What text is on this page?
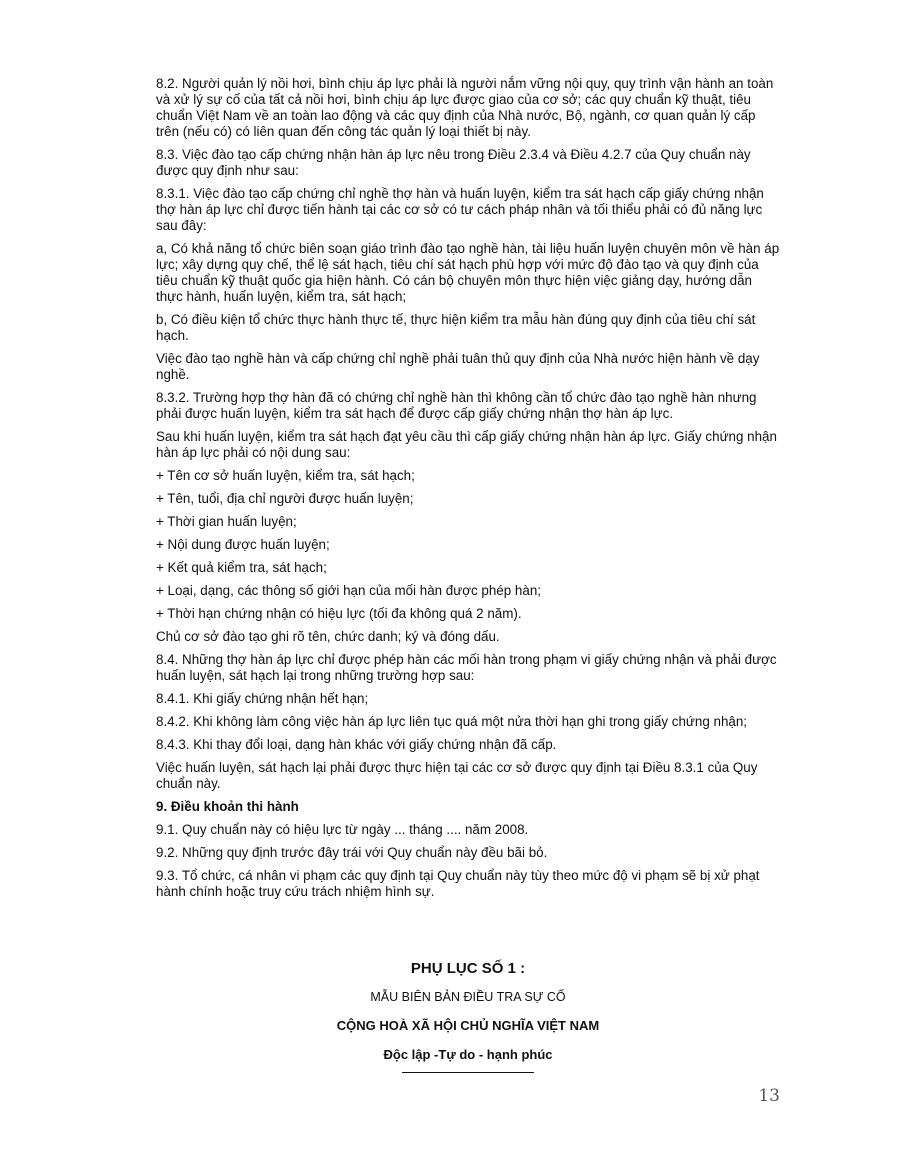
8.2. Người quản lý nồi hơi, bình chịu áp lực phải là người nắm vững nội quy, quy trình vận hành an toàn và xử lý sự cố của tất cả nồi hơi, bình chịu áp lực được giao của cơ sở; các quy chuẩn kỹ thuật, tiêu chuẩn Việt Nam về an toàn lao động và các quy định của Nhà nước, Bộ, ngành, cơ quan quản lý cấp trên (nếu có) có liên quan đến công tác quản lý loại thiết bị này.

8.3. Việc đào tạo cấp chứng nhận hàn áp lực nêu trong Điều 2.3.4 và Điều 4.2.7 của Quy chuẩn này được quy định như sau:

8.3.1. Việc đào tạo cấp chứng chỉ nghề thợ hàn và huấn luyện, kiểm tra sát hạch cấp giấy chứng nhận thợ hàn áp lực chỉ được tiến hành tại các cơ sở có tư cách pháp nhân và tối thiểu phải có đủ năng lực sau đây:

a, Có khả năng tổ chức biên soạn giáo trình đào tạo nghề hàn, tài liệu huấn luyện chuyên môn về hàn áp lực; xây dựng quy chế, thể lệ sát hạch, tiêu chí sát hạch phù hợp với mức độ đào tạo và quy định của tiêu chuẩn kỹ thuật quốc gia hiện hành. Có cán bộ chuyên môn thực hiện việc giảng dạy, hướng dẫn thực hành, huấn luyện, kiểm tra, sát hạch;

b, Có điều kiện tổ chức thực hành thực tế, thực hiện kiểm tra mẫu hàn đúng quy định của tiêu chí sát hạch.

Việc đào tạo nghề hàn và cấp chứng chỉ nghề phải tuân thủ quy định của Nhà nước hiện hành về dạy nghề.

8.3.2. Trường hợp thợ hàn đã có chứng chỉ nghề hàn thì không cần tổ chức đào tạo nghề hàn nhưng phải được huấn luyện, kiểm tra sát hạch để được cấp giấy chứng nhận thợ hàn áp lực.

Sau khi huấn luyện, kiểm tra sát hạch đạt yêu cầu thì cấp giấy chứng nhận hàn áp lực. Giấy chứng nhận hàn áp lực phải có nội dung sau:

+ Tên cơ sở huấn luyện, kiểm tra, sát hạch;

+ Tên, tuổi, địa chỉ người được huấn luyện;

+ Thời gian huấn luyện;

+ Nội dung được huấn luyện;

+ Kết quả kiểm tra, sát hạch;

+ Loại, dạng, các thông số giới hạn của mối hàn được phép hàn;

+ Thời hạn chứng nhận có hiệu lực (tối đa không quá 2 năm).

Chủ cơ sở đào tạo ghi rõ tên, chức danh; ký và đóng dấu.

8.4. Những thợ hàn áp lực chỉ được phép hàn các mối hàn trong phạm vi giấy chứng nhận và phải được huấn luyện, sát hạch lại trong những trường hợp sau:

8.4.1. Khi giấy chứng nhận hết hạn;

8.4.2. Khi không làm công việc hàn áp lực liên tục quá một nửa thời hạn ghi trong giấy chứng nhận;

8.4.3. Khi thay đổi loại, dạng hàn khác với giấy chứng nhận đã cấp.

Việc huấn luyện, sát hạch lại phải được thực hiện tại các cơ sở được quy định tại Điều 8.3.1 của Quy chuẩn này.

9. Điều khoản thi hành

9.1. Quy chuẩn này có hiệu lực từ ngày ... tháng .... năm 2008.

9.2. Những quy định trước đây trái với Quy chuẩn này đều bãi bỏ.

9.3. Tổ chức, cá nhân vi phạm các quy định tại Quy chuẩn này tùy theo mức độ vi phạm sẽ bị xử phạt hành chính hoặc truy cứu trách nhiệm hình sự.

PHỤ LỤC SỐ 1 :

MẪU BIÊN BẢN ĐIỀU TRA SỰ CỐ

CỘNG HOÀ XÃ HỘI CHỦ NGHĨA VIỆT NAM

Độc lập -Tự do - hạnh phúc

13
